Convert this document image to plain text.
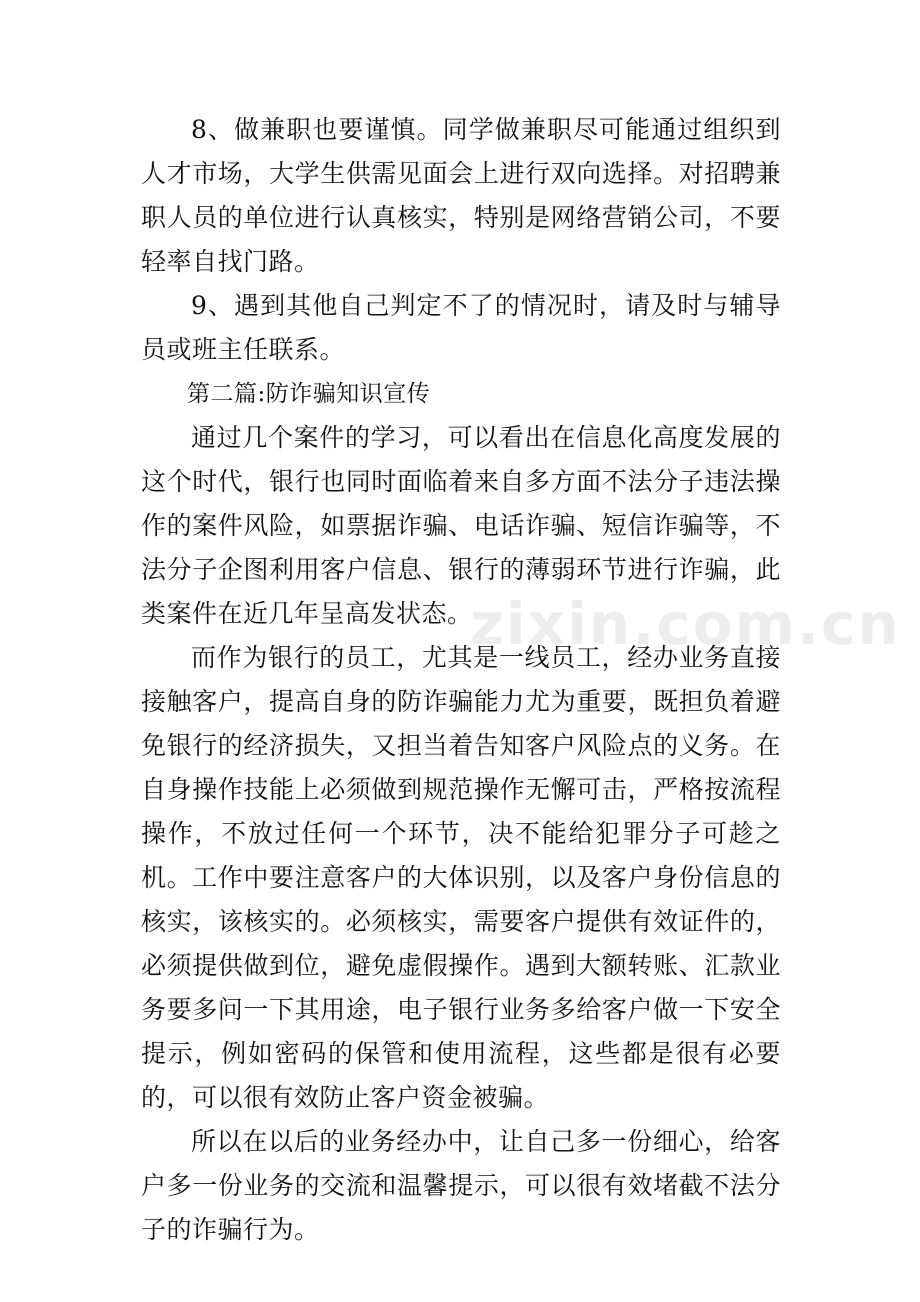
8、做兼职也要谨慎。同学做兼职尽可能通过组织到人才市场，大学生供需见面会上进行双向选择。对招聘兼职人员的单位进行认真核实，特别是网络营销公司，不要轻率自找门路。

9、遇到其他自己判定不了的情况时，请及时与辅导员或班主任联系。

第二篇:防诈骗知识宣传

通过几个案件的学习，可以看出在信息化高度发展的这个时代，银行也同时面临着来自多方面不法分子违法操作的案件风险，如票据诈骗、电话诈骗、短信诈骗等，不法分子企图利用客户信息、银行的薄弱环节进行诈骗，此类案件在近几年呈高发状态。

而作为银行的员工，尤其是一线员工，经办业务直接接触客户，提高自身的防诈骗能力尤为重要，既担负着避免银行的经济损失，又担当着告知客户风险点的义务。在自身操作技能上必须做到规范操作无懈可击，严格按流程操作，不放过任何一个环节，决不能给犯罪分子可趁之机。工作中要注意客户的大体识别，以及客户身份信息的核实，该核实的。必须核实，需要客户提供有效证件的，必须提供做到位，避免虚假操作。遇到大额转账、汇款业务要多问一下其用途，电子银行业务多给客户做一下安全提示，例如密码的保管和使用流程，这些都是很有必要的，可以很有效防止客户资金被骗。

所以在以后的业务经办中，让自己多一份细心，给客户多一份业务的交流和温馨提示，可以很有效堵截不法分子的诈骗行为。

zixin.com.cn
